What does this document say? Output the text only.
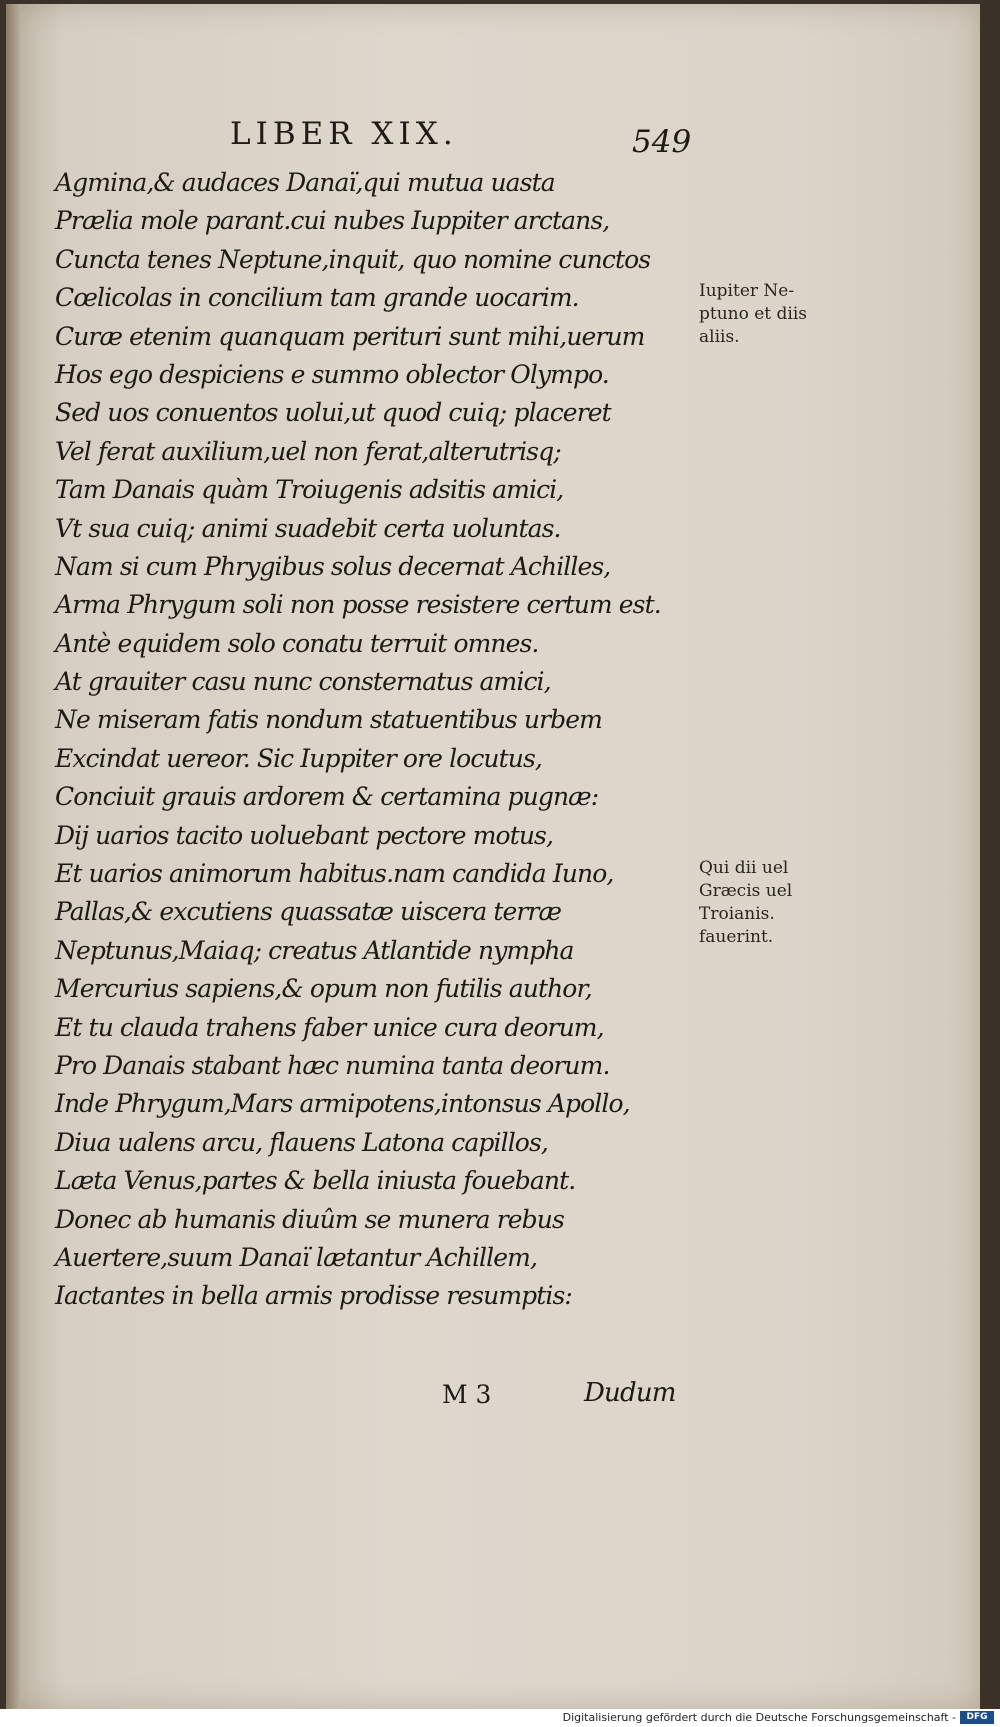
LIBER XIX.	549
Agmina,& audaces Danaï,qui mutua uasta
Prælia mole parant.cui nubes Iuppiter arctans,
Cuncta tenes Neptune,inquit, quo nomine cunctos
Cœlicolas in concilium tam grande uocarim.
Curæ etenim quanquam perituri sunt mihi,uerum
Hos ego despiciens e summo oblector Olympo.
Sed uos conuentos uolui,ut quod cuiq; placeret
Vel ferat auxilium,uel non ferat,alterutrisq;
Tam Danais quàm Troiugenis adsitis amici,
Vt sua cuiq; animi suadebit certa uoluntas.
Nam si cum Phrygibus solus decernat Achilles,
Arma Phrygum soli non posse resistere certum est.
Antè equidem solo conatu terruit omnes.
At grauiter casu nunc consternatus amici,
Ne miseram fatis nondum statuentibus urbem
Excindat uereor. Sic Iuppiter ore locutus,
Conciuit grauis ardorem & certamina pugnæ:
Dij uarios tacito uoluebant pectore motus,
Et uarios animorum habitus.nam candida Iuno,
Pallas,& excutiens quassatæ uiscera terræ
Neptunus,Maiaq; creatus Atlantide nympha
Mercurius sapiens,& opum non futilis author,
Et tu clauda trahens faber unice cura deorum,
Pro Danais stabant hæc numina tanta deorum.
Inde Phrygum,Mars armipotens,intonsus Apollo,
Diua ualens arcu, flauens Latona capillos,
Læta Venus,partes & bella iniusta fouebant.
Donec ab humanis diuûm se munera rebus
Auertere,suum Danaï lætantur Achillem,
Iactantes in bella armis prodisse resumptis:
Iupiter Ne-
ptuno et diis
aliis.
Qui dii uel
Græcis uel
Troianis.
fauerint.
M 3	Dudum
Digitalisierung gefördert durch die Deutsche Forschungsgemeinschaft -	DFG
